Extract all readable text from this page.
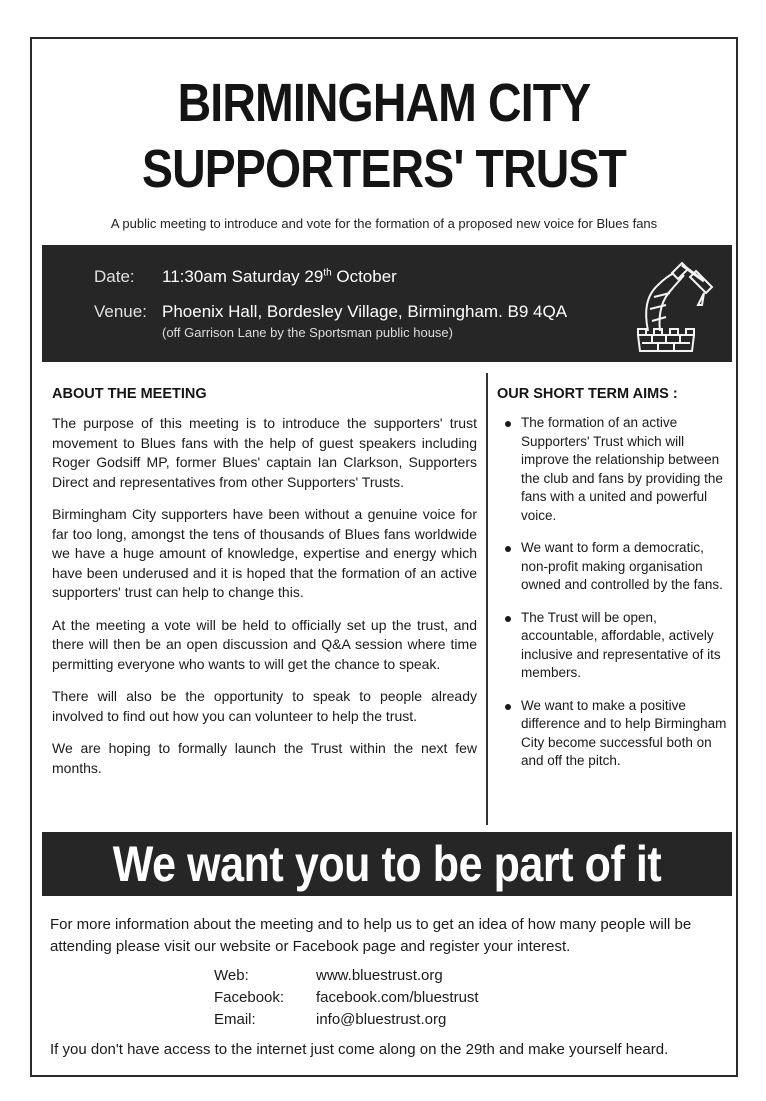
BIRMINGHAM CITY
SUPPORTERS' TRUST
A public meeting to introduce and vote for the formation of a proposed new voice for Blues fans
Date: 11:30am Saturday 29th October
Venue: Phoenix Hall, Bordesley Village, Birmingham. B9 4QA
(off Garrison Lane by the Sportsman public house)
ABOUT THE MEETING

The purpose of this meeting is to introduce the supporters' trust movement to Blues fans with the help of guest speakers including Roger Godsiff MP, former Blues' captain Ian Clarkson, Supporters Direct and representatives from other Supporters' Trusts.

Birmingham City supporters have been without a genuine voice for far too long, amongst the tens of thousands of Blues fans worldwide we have a huge amount of knowledge, expertise and energy which have been underused and it is hoped that the formation of an active supporters' trust can help to change this.

At the meeting a vote will be held to officially set up the trust, and there will then be an open discussion and Q&A session where time permitting everyone who wants to will get the chance to speak.

There will also be the opportunity to speak to people already involved to find out how you can volunteer to help the trust.

We are hoping to formally launch the Trust within the next few months.

OUR SHORT TERM AIMS :
The formation of an active Supporters' Trust which will improve the relationship between the club and fans by providing the fans with a united and powerful voice.
We want to form a democratic, non-profit making organisation owned and controlled by the fans.
The Trust will be open, accountable, affordable, actively inclusive and representative of its members.
We want to make a positive difference and to help Birmingham City become successful both on and off the pitch.
We want you to be part of it
For more information about the meeting and to help us to get an idea of how many people will be attending please visit our website or Facebook page and register your interest.
Web:	www.bluestrust.org
Facebook: facebook.com/bluestrust
Email:	info@bluestrust.org
If you don't have access to the internet just come along on the 29th and make yourself heard.
